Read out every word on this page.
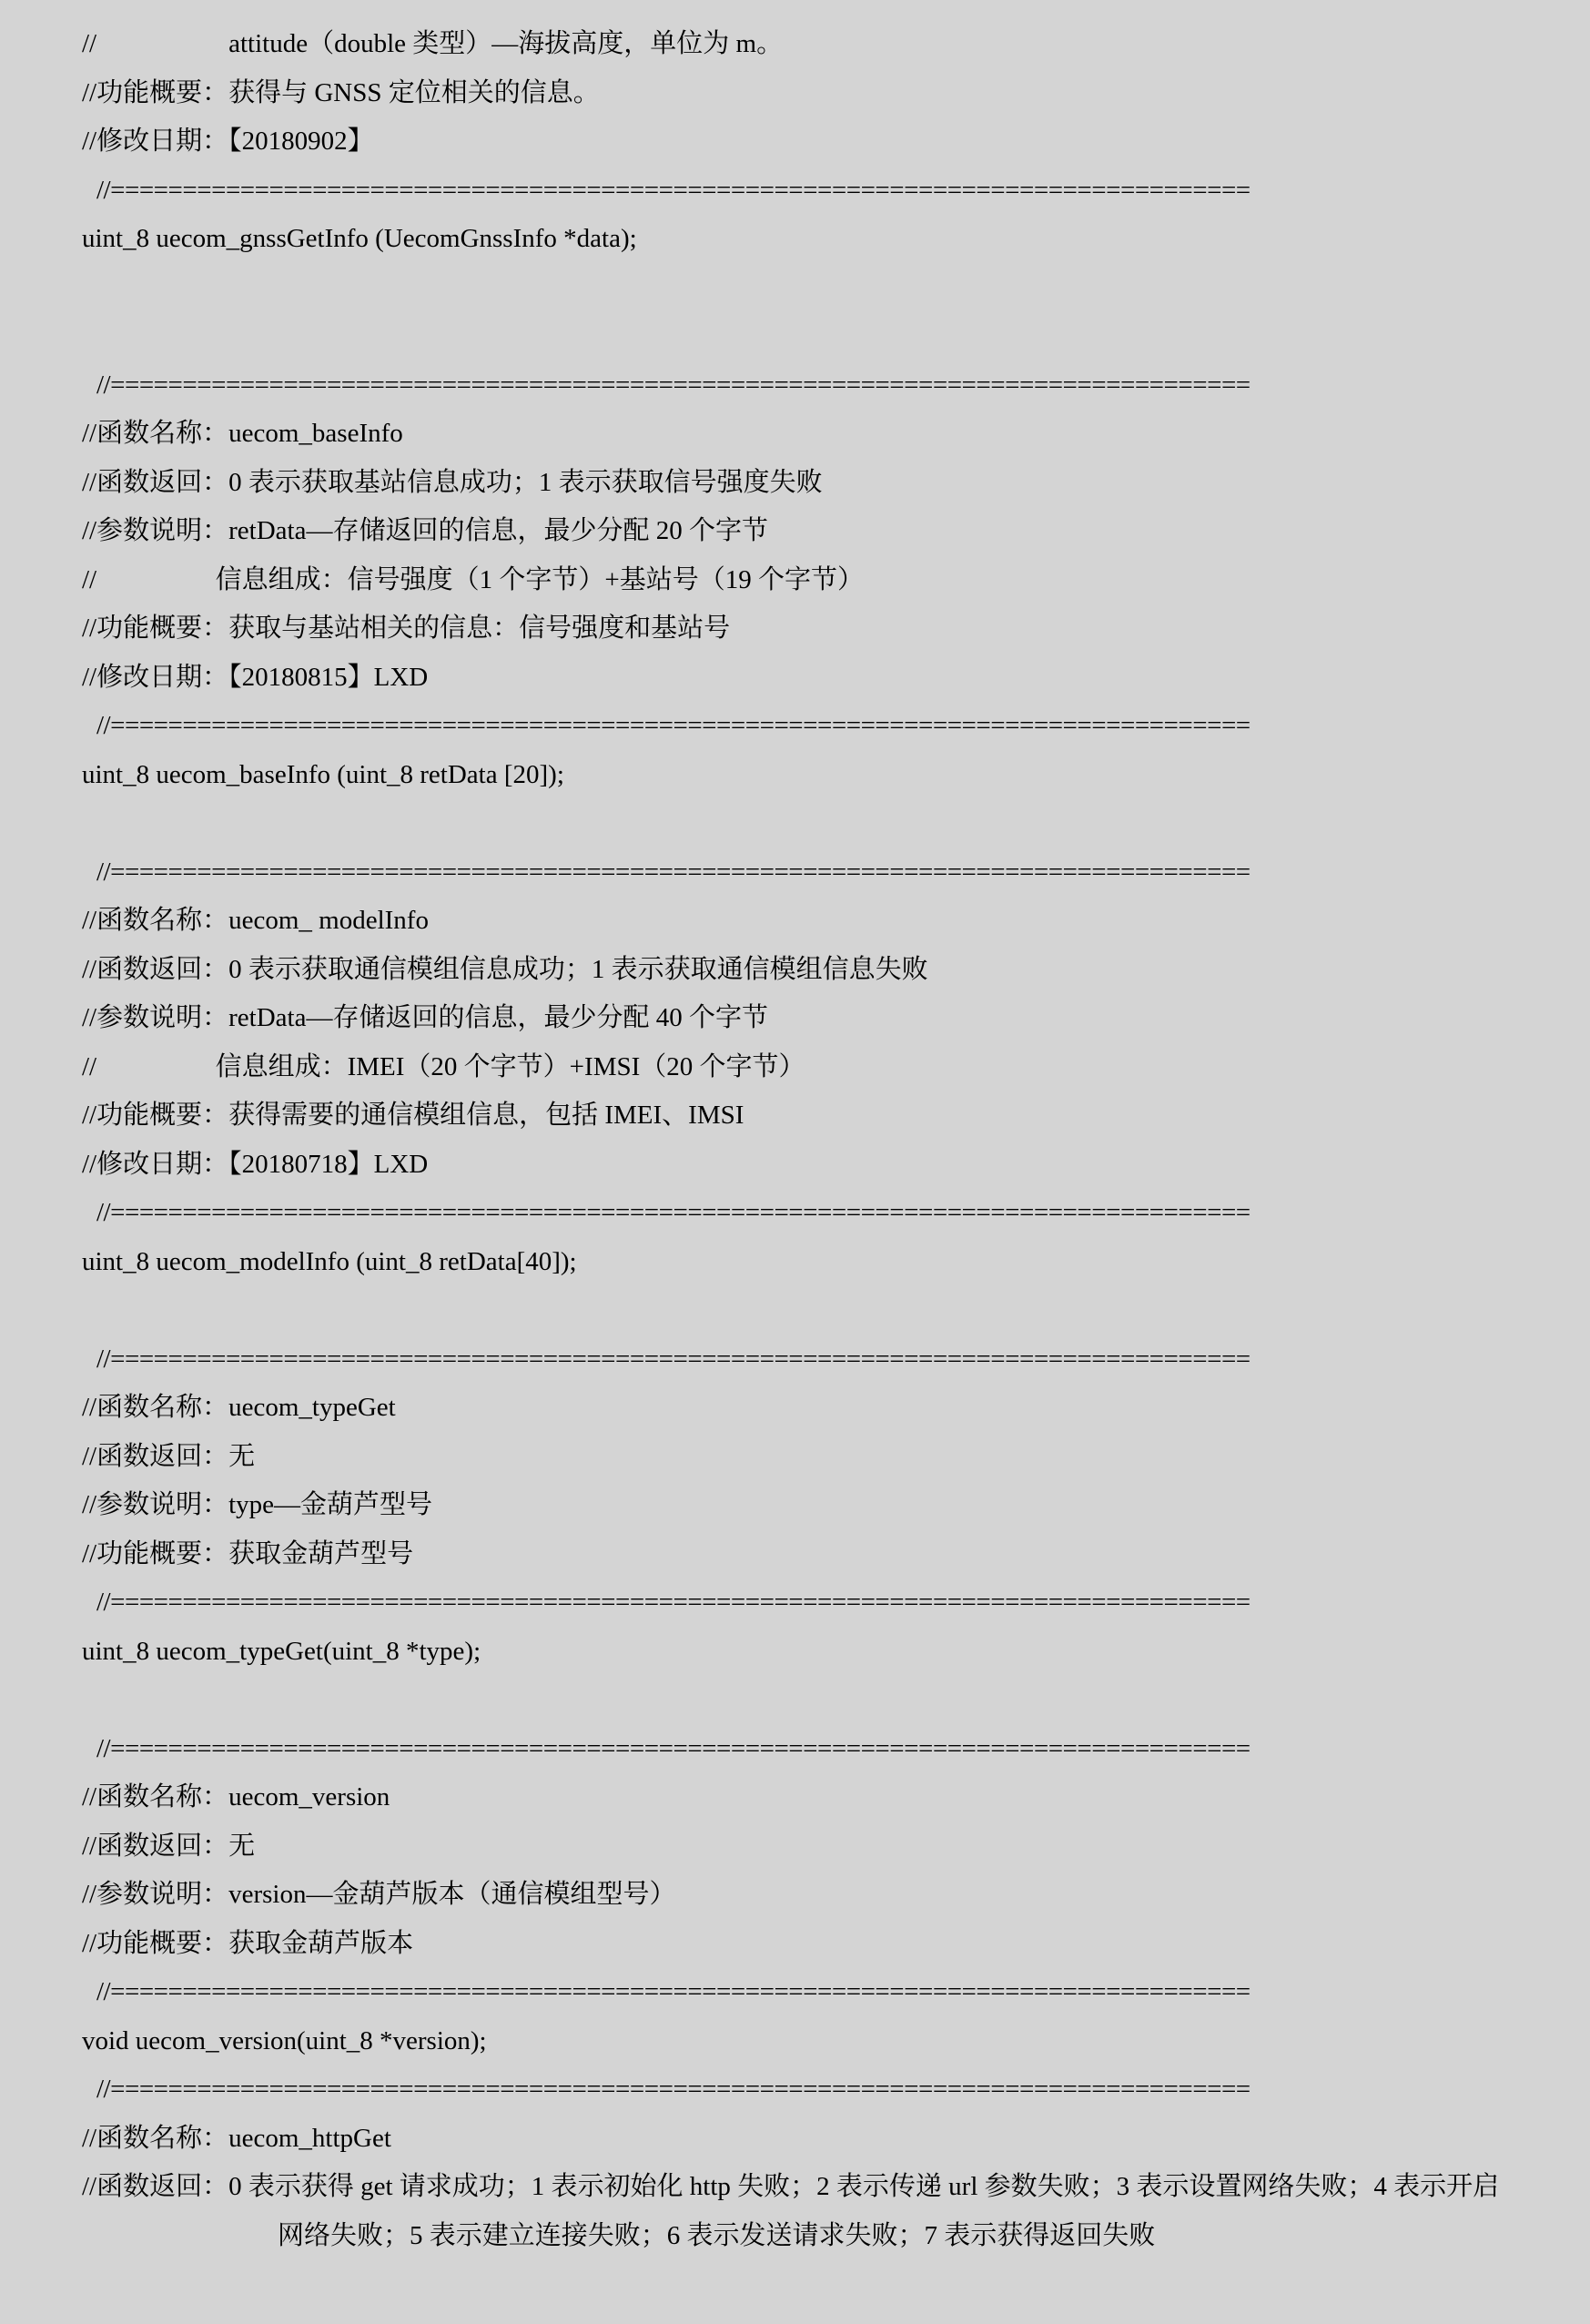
//                    attitude（double 类型）—海拔高度，单位为 m。
//功能概要：获得与 GNSS 定位相关的信息。
//修改日期：【20180902】
//===============================================================================
uint_8 uecom_gnssGetInfo (UecomGnssInfo *data);
//===============================================================================
//函数名称：uecom_baseInfo
//函数返回：0 表示获取基站信息成功；1 表示获取信号强度失败
//参数说明：retData—存储返回的信息，最少分配 20 个字节
//                  信息组成：信号强度（1 个字节）+基站号（19 个字节）
//功能概要：获取与基站相关的信息：信号强度和基站号
//修改日期：【20180815】LXD
//===============================================================================
uint_8 uecom_baseInfo (uint_8 retData [20]);
//===============================================================================
//函数名称：uecom_ modelInfo
//函数返回：0 表示获取通信模组信息成功；1 表示获取通信模组信息失败
//参数说明：retData—存储返回的信息，最少分配 40 个字节
//                  信息组成：IMEI（20 个字节）+IMSI（20 个字节）
//功能概要：获得需要的通信模组信息，包括 IMEI、IMSI
//修改日期：【20180718】LXD
//===============================================================================
uint_8 uecom_modelInfo (uint_8 retData[40]);
//===============================================================================
//函数名称：uecom_typeGet
//函数返回：无
//参数说明：type—金葫芦型号
//功能概要：获取金葫芦型号
//===============================================================================
uint_8 uecom_typeGet(uint_8 *type);
//===============================================================================
//函数名称：uecom_version
//函数返回：无
//参数说明：version—金葫芦版本（通信模组型号）
//功能概要：获取金葫芦版本
//===============================================================================
void uecom_version(uint_8 *version);
//===============================================================================
//函数名称：uecom_httpGet
//函数返回：0 表示获得 get 请求成功；1 表示初始化 http 失败；2 表示传递 url 参数失败；3 表示设置网络失败；4 表示开启网络失败；5 表示建立连接失败；6 表示发送请求失败；7 表示获得返回失败
